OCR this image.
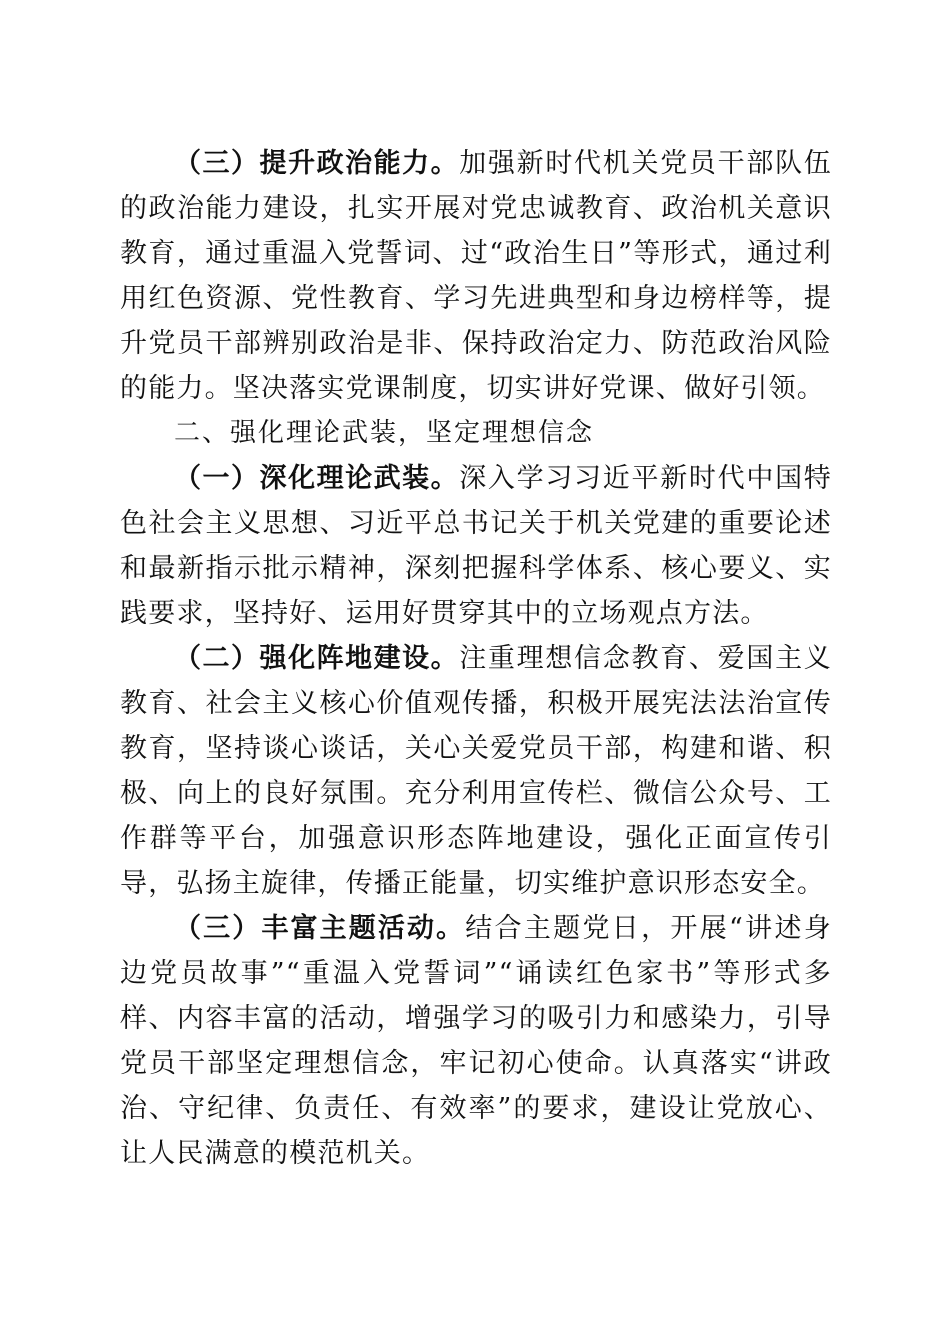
（三）提升政治能力。加强新时代机关党员干部队伍的政治能力建设，扎实开展对党忠诚教育、政治机关意识教育，通过重温入党誓词、过“政治生日”等形式，通过利用红色资源、党性教育、学习先进典型和身边榜样等，提升党员干部辨别政治是非、保持政治定力、防范政治风险的能力。坚决落实党课制度，切实讲好党课、做好引领。

二、强化理论武装，坚定理想信念

（一）深化理论武装。深入学习习近平新时代中国特色社会主义思想、习近平总书记关于机关党建的重要论述和最新指示批示精神，深刻把握科学体系、核心要义、实践要求，坚持好、运用好贯穿其中的立场观点方法。

（二）强化阵地建设。注重理想信念教育、爱国主义教育、社会主义核心价值观传播，积极开展宪法法治宣传教育，坚持谈心谈话，关心关爱党员干部，构建和谐、积极、向上的良好氛围。充分利用宣传栏、微信公众号、工作群等平台，加强意识形态阵地建设，强化正面宣传引导，弘扬主旋律，传播正能量，切实维护意识形态安全。

（三）丰富主题活动。结合主题党日，开展“讲述身边党员故事”“重温入党誓词”“诵读红色家书”等形式多样、内容丰富的活动，增强学习的吸引力和感染力，引导党员干部坚定理想信念，牢记初心使命。认真落实“讲政治、守纪律、负责任、有效率”的要求，建设让党放心、让人民满意的模范机关。
